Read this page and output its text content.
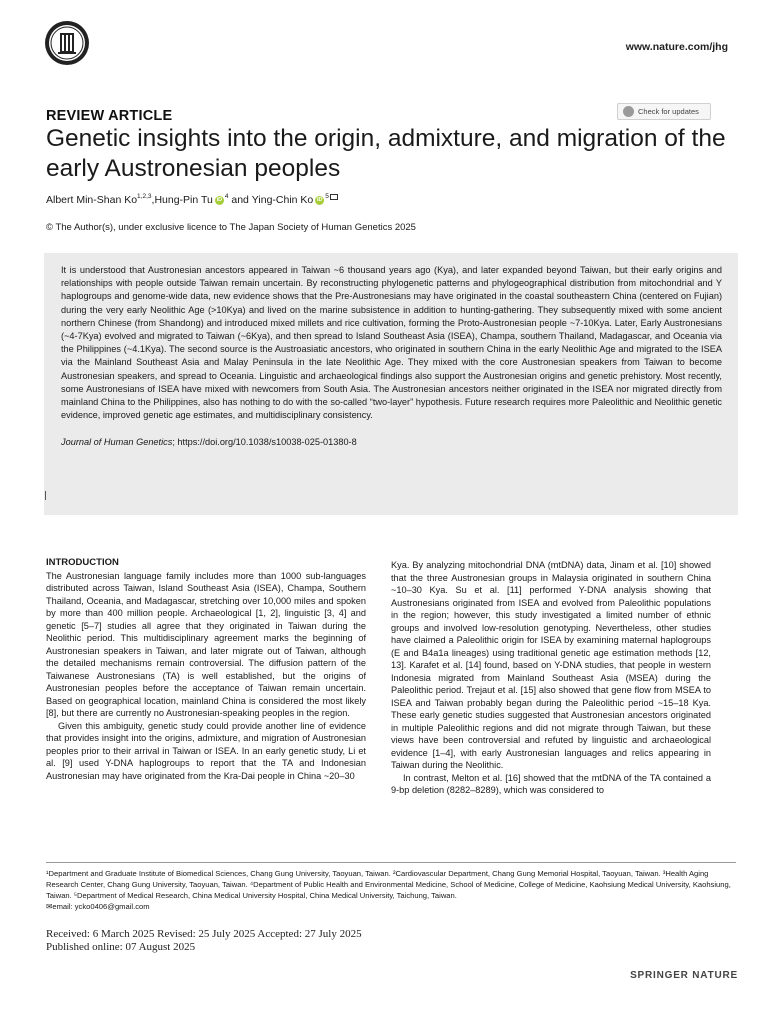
www.nature.com/jhg
REVIEW ARTICLE	Check for updates
Genetic insights into the origin, admixture, and migration of the early Austronesian peoples
Albert Min-Shan Ko$^{1,2,3}$ , Hung-Pin Tu iD $^4$ and Ying-Chin Ko iD $^5$
© The Author(s), under exclusive licence to The Japan Society of Human Genetics 2025

It is understood that Austronesian ancestors appeared in Taiwan ~6 thousand years ago (Kya), and later expanded beyond Taiwan, but their early origins and relationships with people outside Taiwan remain uncertain. By reconstructing phylogenetic patterns and phylogeographical distribution from mitochondrial and Y haplogroups and genome-wide data, new evidence shows that the Pre-Austronesians may have originated in the coastal southeastern China (centered on Fujian) during the very early Neolithic Age (>10Kya) and lived on the marine subsistence in addition to hunting-gathering. They subsequently mixed with some ancient northern Chinese (from Shandong) and introduced mixed millets and rice cultivation, forming the Proto-Austronesian people ~7-10Kya. Later, Early Austronesians (~4-7Kya) evolved and migrated to Taiwan (~6Kya), and then spread to Island Southeast Asia (ISEA), Champa, southern Thailand, Madagascar, and Oceania via the Philippines (~4.1Kya). The second source is the Austroasiatic ancestors, who originated in southern China in the early Neolithic Age and migrated to the ISEA via the Mainland Southeast Asia and Malay Peninsula in the late Neolithic Age. They mixed with the core Austronesian speakers from Taiwan to become Austronesian speakers, and spread to Oceania. Linguistic and archaeological findings also support the Austronesian origins and genetic prehistory. Most recently, some Austronesians of ISEA have mixed with newcomers from South Asia. The Austronesian ancestors neither originated in the ISEA nor migrated directly from mainland China to the Philippines, also has nothing to do with the so-called “two-layer” hypothesis. Future research requires more Paleolithic and Neolithic genetic evidence, improved genetic age estimates, and multidisciplinary consistency.

Journal of Human Genetics; https://doi.org/10.1038/s10038-025-01380-8

INTRODUCTION

The Austronesian language family includes more than 1000 sub-languages distributed across Taiwan, Island Southeast Asia (ISEA), Champa, Southern Thailand, Oceania, and Madagascar, stretching over 10,000 miles and spoken by more than 400 million people. Archaeological [1, 2], linguistic [3, 4] and genetic [5–7] studies all agree that they originated in Taiwan during the Neolithic period. This multidisciplinary agreement marks the beginning of Austronesian speakers in Taiwan, and later migrate out of Taiwan, although the detailed mechanisms remain controversial. The diffusion pattern of the Taiwanese Austronesians (TA) is well established, but the origins of Austronesian peoples before the acceptance of Taiwan remain uncertain. Based on geographical location, mainland China is considered the most likely [8], but there are currently no Austronesian-speaking peoples in the region.

Given this ambiguity, genetic study could provide another line of evidence that provides insight into the origins, admixture, and migration of Austronesian peoples prior to their arrival in Taiwan or ISEA. In an early genetic study, Li et al. [9] used Y-DNA haplogroups to report that the TA and Indonesian Austronesian may have originated from the Kra-Dai people in China ~20–30

Kya. By analyzing mitochondrial DNA (mtDNA) data, Jinam et al. [10] showed that the three Austronesian groups in Malaysia originated in southern China ~10–30 Kya. Su et al. [11] performed Y-DNA analysis showing that Austronesians originated from ISEA and evolved from Paleolithic populations in the region; however, this study investigated a limited number of ethnic groups and involved low-resolution genotyping. Nevertheless, other studies have claimed a Paleolithic origin for ISEA by examining maternal haplogroups (E and B4a1a lineages) using traditional genetic age estimation methods [12, 13]. Karafet et al. [14] found, based on Y-DNA studies, that people in western Indonesia migrated from Mainland Southeast Asia (MSEA) during the Paleolithic period. Trejaut et al. [15] also showed that gene flow from MSEA to ISEA and Taiwan probably began during the Paleolithic period ~15–18 Kya. These early genetic studies suggested that Austronesian ancestors originated in multiple Paleolithic regions and did not migrate through Taiwan, but these views have been controversial and refuted by linguistic and archaeological evidence [1–4], with early Austronesian languages and relics appearing in Taiwan during the Neolithic.

In contrast, Melton et al. [16] showed that the mtDNA of the TA contained a 9-bp deletion (8282–8289), which was considered to

¹Department and Graduate Institute of Biomedical Sciences, Chang Gung University, Taoyuan, Taiwan. ²Cardiovascular Department, Chang Gung Memorial Hospital, Taoyuan, Taiwan. ³Health Aging Research Center, Chang Gung University, Taoyuan, Taiwan. ⁴Department of Public Health and Environmental Medicine, School of Medicine, College of Medicine, Kaohsiung Medical University, Kaohsiung, Taiwan. ⁵Department of Medical Research, China Medical University Hospital, China Medical University, Taichung, Taiwan.
✉email: ycko0406@gmail.com
Received: 6 March 2025 Revised: 25 July 2025 Accepted: 27 July 2025
Published online: 07 August 2025
SPRINGER NATURE
